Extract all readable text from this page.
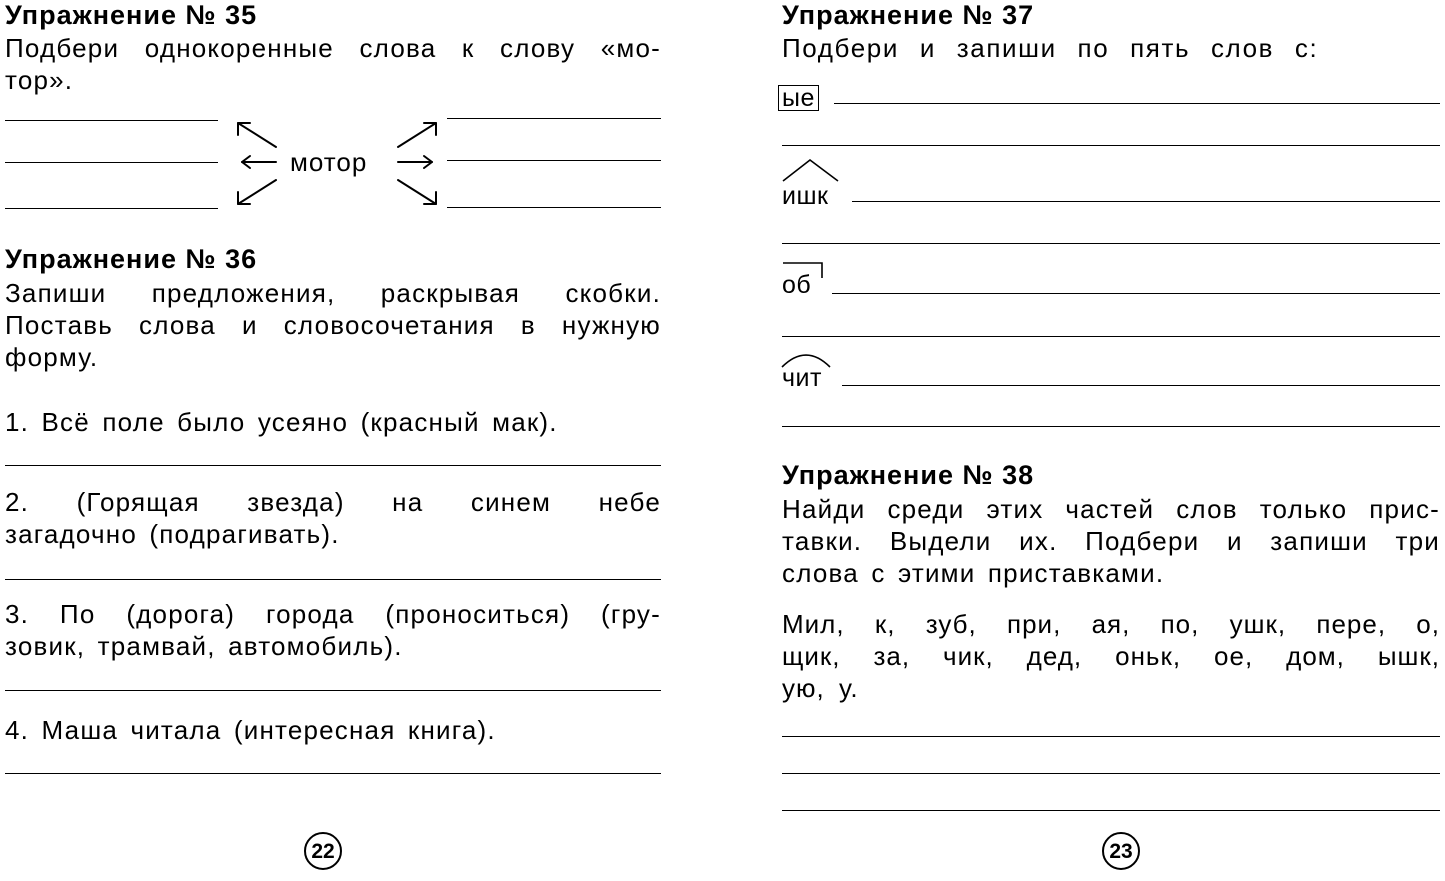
Упражнение № 35
Подбери однокоренные слова к слову «мо-
тор».
мотор
Упражнение № 36
Запиши предложения, раскрывая скобки.
Поставь слова и словосочетания в нужную
форму.
1. Всё поле было усеяно (красный мак).
2. (Горящая звезда) на синем небе
загадочно (подрагивать).
3. По (дорога) города (проноситься) (гру-
зовик, трамвай, автомобиль).
4. Маша читала (интересная книга).
22
Упражнение № 37
Подбери и запиши по пять слов с:
ые
ишк
об
чит
Упражнение № 38
Найди среди этих частей слов только прис-
тавки. Выдели их. Подбери и запиши три
слова с этими приставками.
Мил, к, зуб, при, ая, по, ушк, пере, о,
щик, за, чик, дед, оньк, ое, дом, ышк,
ую, у.
23
